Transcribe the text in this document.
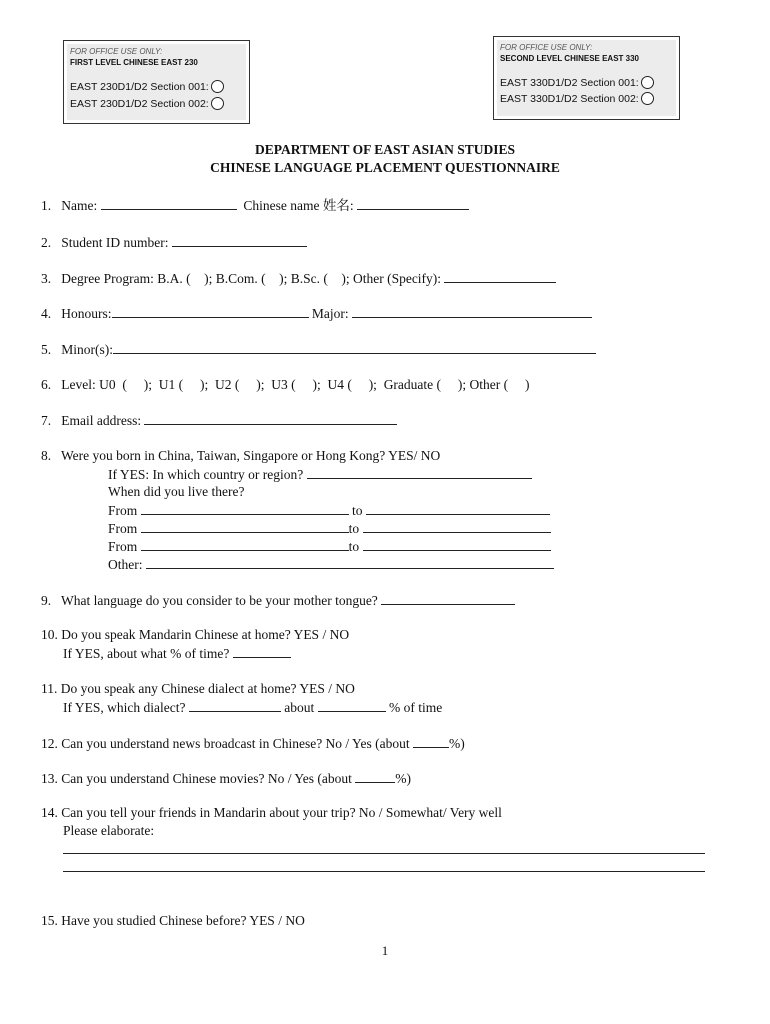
FOR OFFICE USE ONLY:
FIRST LEVEL CHINESE EAST 230
EAST 230D1/D2 Section 001:
EAST 230D1/D2 Section 002:
FOR OFFICE USE ONLY:
SECOND LEVEL CHINESE EAST 330
EAST 330D1/D2 Section 001:
EAST 330D1/D2 Section 002:
DEPARTMENT OF EAST ASIAN STUDIES
CHINESE LANGUAGE PLACEMENT QUESTIONNAIRE
1. Name:	Chinese name 姓名:
2. Student ID number:
3. Degree Program: B.A. (    ); B.Com. (    ); B.Sc. (    ); Other (Specify):
4. Honours:	Major:
5. Minor(s):
6. Level: U0  (     );  U1 (     );  U2 (     );  U3 (     );  U4 (     );  Graduate (     ); Other (     )
7. Email address:
8. Were you born in China, Taiwan, Singapore or Hong Kong? YES/ NO
If YES: In which country or region?
When did you live there?
From	to
From	to
From	to
Other:
9. What language do you consider to be your mother tongue?
10. Do you speak Mandarin Chinese at home? YES / NO
If YES, about what % of time?
11. Do you speak any Chinese dialect at home? YES / NO
If YES, which dialect?	about	% of time
12. Can you understand news broadcast in Chinese? No / Yes (about	%)
13. Can you understand Chinese movies? No / Yes (about	%)
14. Can you tell your friends in Mandarin about your trip? No / Somewhat/ Very well
Please elaborate:
15. Have you studied Chinese before? YES / NO
1
